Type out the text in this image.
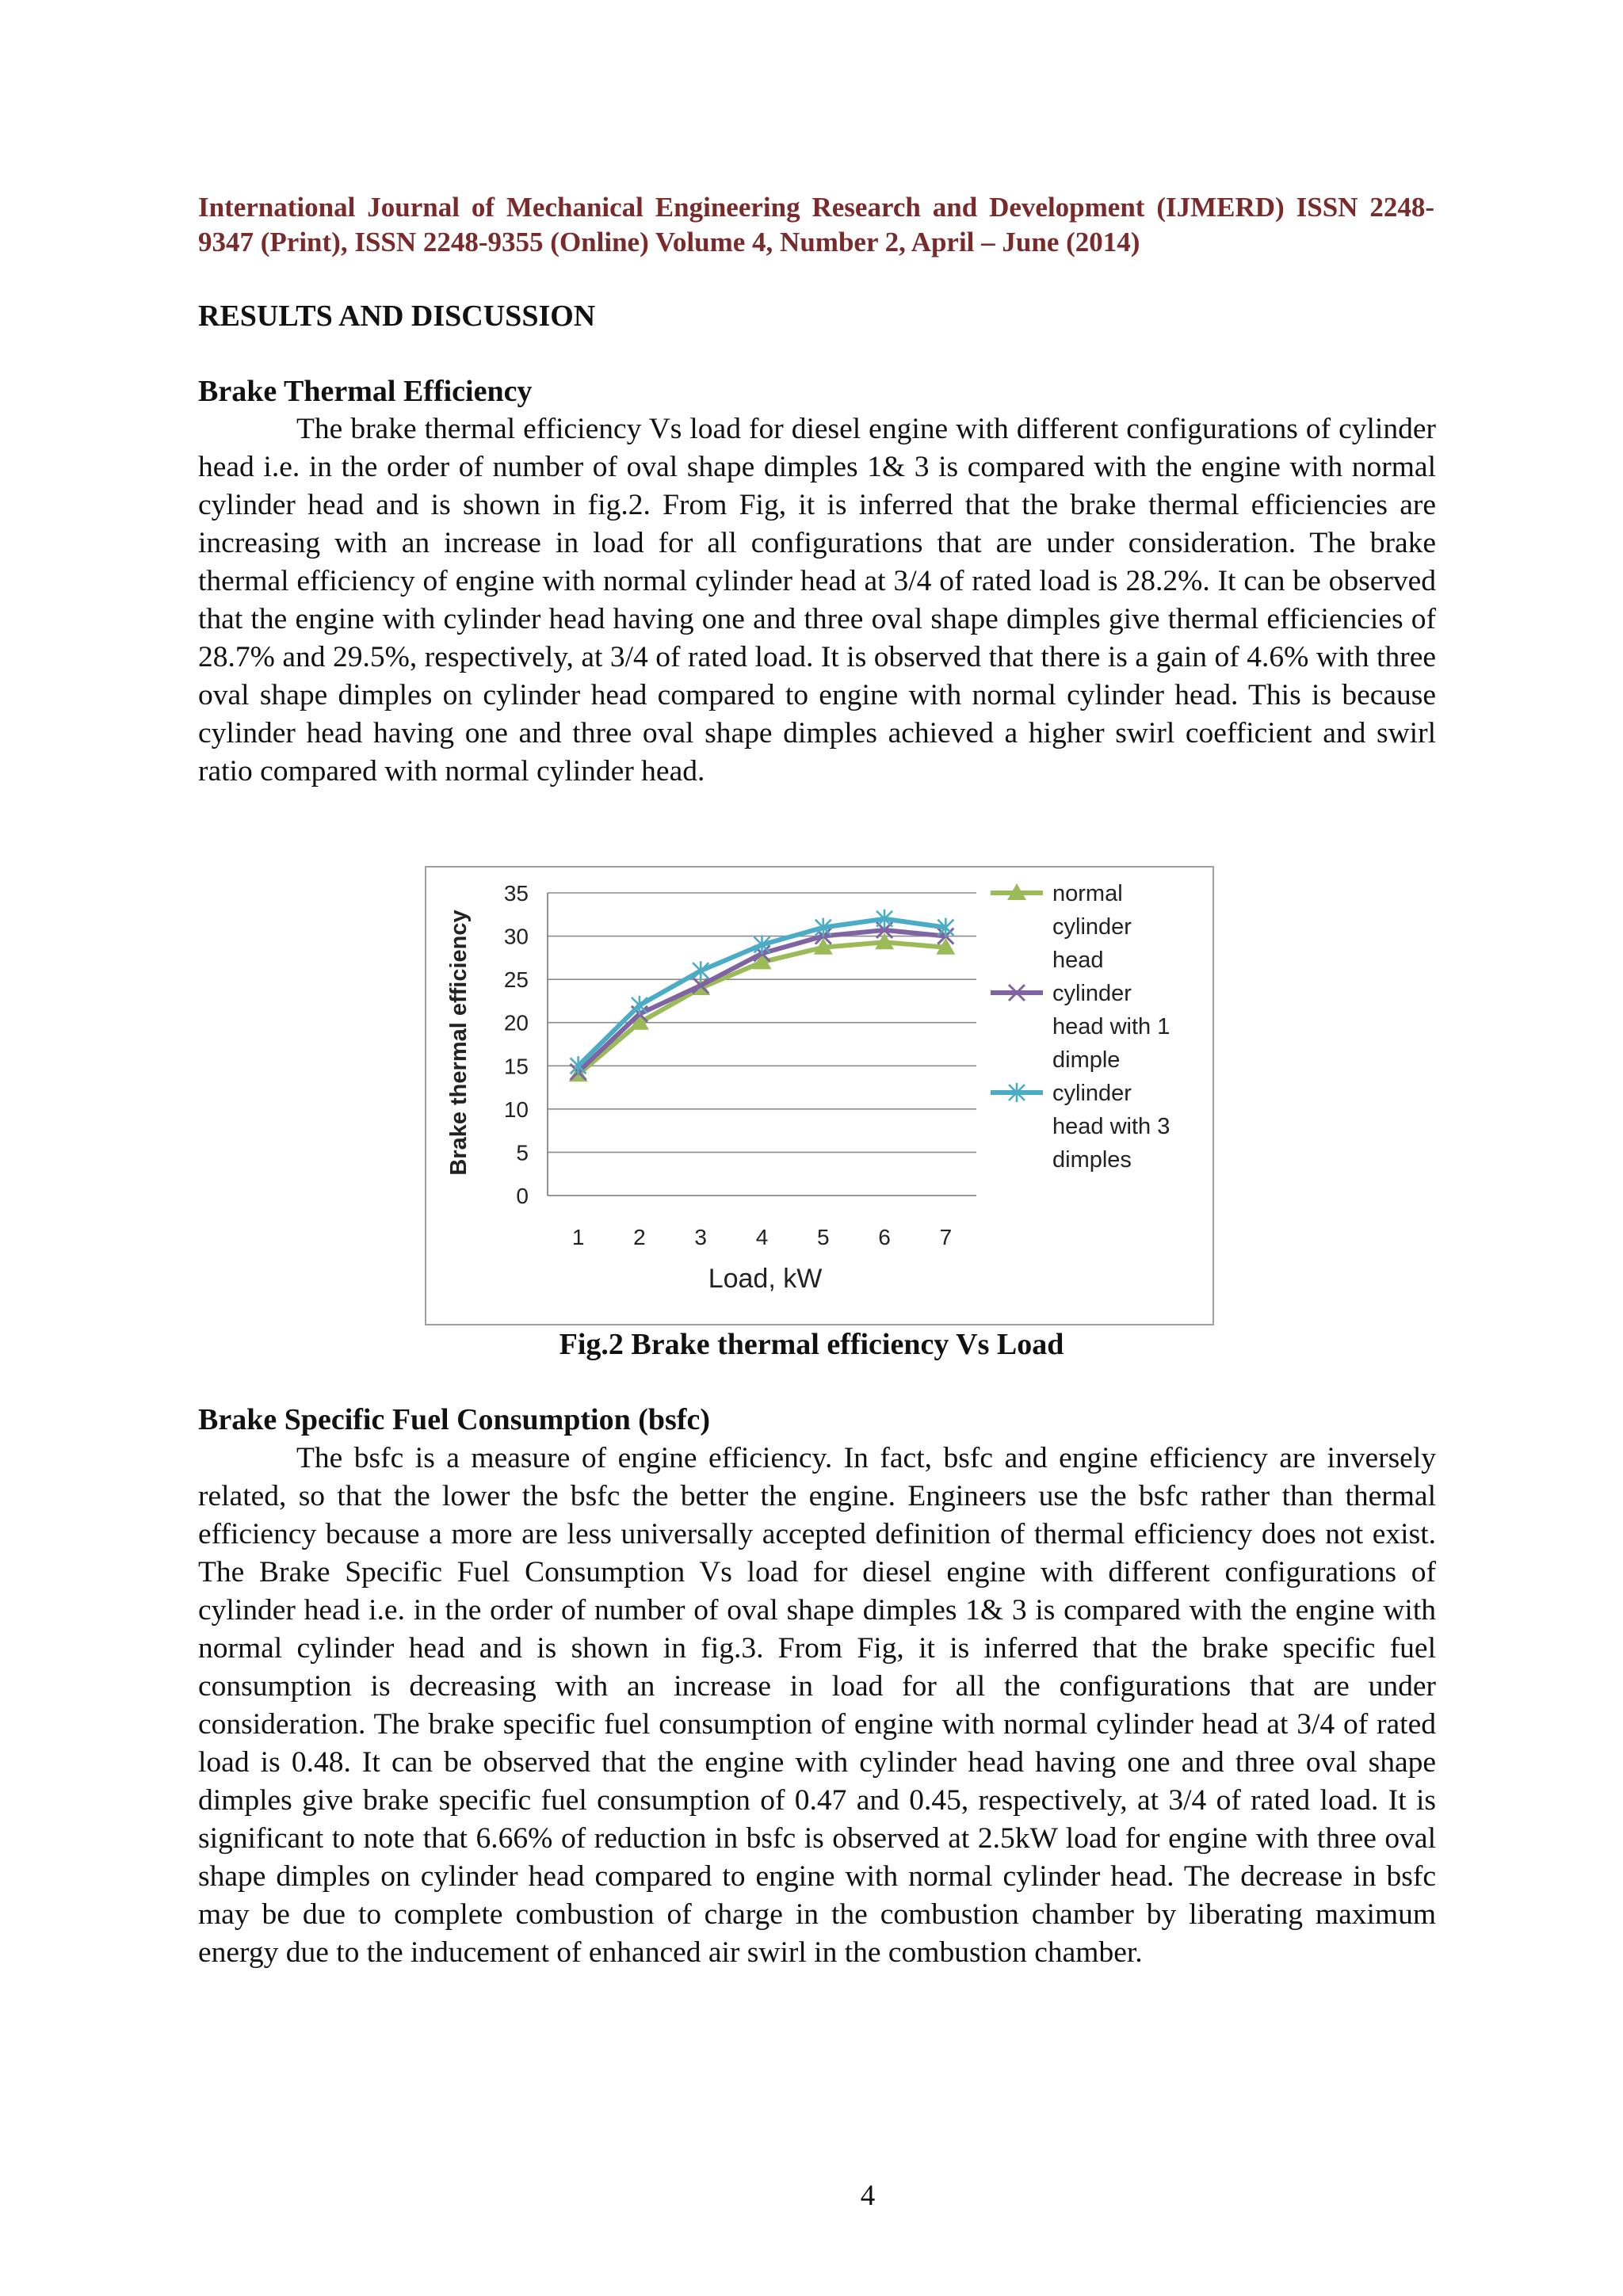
International Journal of Mechanical Engineering Research and Development (IJMERD) ISSN 2248-9347 (Print), ISSN 2248-9355 (Online) Volume 4, Number 2, April – June (2014)
RESULTS AND DISCUSSION
Brake Thermal Efficiency

The brake thermal efficiency Vs load for diesel engine with different configurations of cylinder head i.e. in the order of number of oval shape dimples 1& 3 is compared with the engine with normal cylinder head and is shown in fig.2. From Fig, it is inferred that the brake thermal efficiencies are increasing with an increase in load for all configurations that are under consideration. The brake thermal efficiency of engine with normal cylinder head at 3/4 of rated load is 28.2%. It can be observed that the engine with cylinder head having one and three oval shape dimples give thermal efficiencies of 28.7% and 29.5%, respectively, at 3/4 of rated load. It is observed that there is a gain of 4.6% with three oval shape dimples on cylinder head compared to engine with normal cylinder head. This is because cylinder head having one and three oval shape dimples achieved a higher swirl coefficient and swirl ratio compared with normal cylinder head.

0
5
10
15
20
25
30
35
1 2 3 4 5 6 7
Load, kW
Brake thermal efficiency
normal
cylinder
head
cylinder
head with 1
dimple
cylinder
head with 3
dimples
Fig.2 Brake thermal efficiency Vs Load
Brake Specific Fuel Consumption (bsfc)

The bsfc is a measure of engine efficiency. In fact, bsfc and engine efficiency are inversely related, so that the lower the bsfc the better the engine. Engineers use the bsfc rather than thermal efficiency because a more are less universally accepted definition of thermal efficiency does not exist. The Brake Specific Fuel Consumption Vs load for diesel engine with different configurations of cylinder head i.e. in the order of number of oval shape dimples 1& 3 is compared with the engine with normal cylinder head and is shown in fig.3. From Fig, it is inferred that the brake specific fuel consumption is decreasing with an increase in load for all the configurations that are under consideration. The brake specific fuel consumption of engine with normal cylinder head at 3/4 of rated load is 0.48. It can be observed that the engine with cylinder head having one and three oval shape dimples give brake specific fuel consumption of 0.47 and 0.45, respectively, at 3/4 of rated load. It is significant to note that 6.66% of reduction in bsfc is observed at 2.5kW load for engine with three oval shape dimples on cylinder head compared to engine with normal cylinder head. The decrease in bsfc may be due to complete combustion of charge in the combustion chamber by liberating maximum energy due to the inducement of enhanced air swirl in the combustion chamber.

4
